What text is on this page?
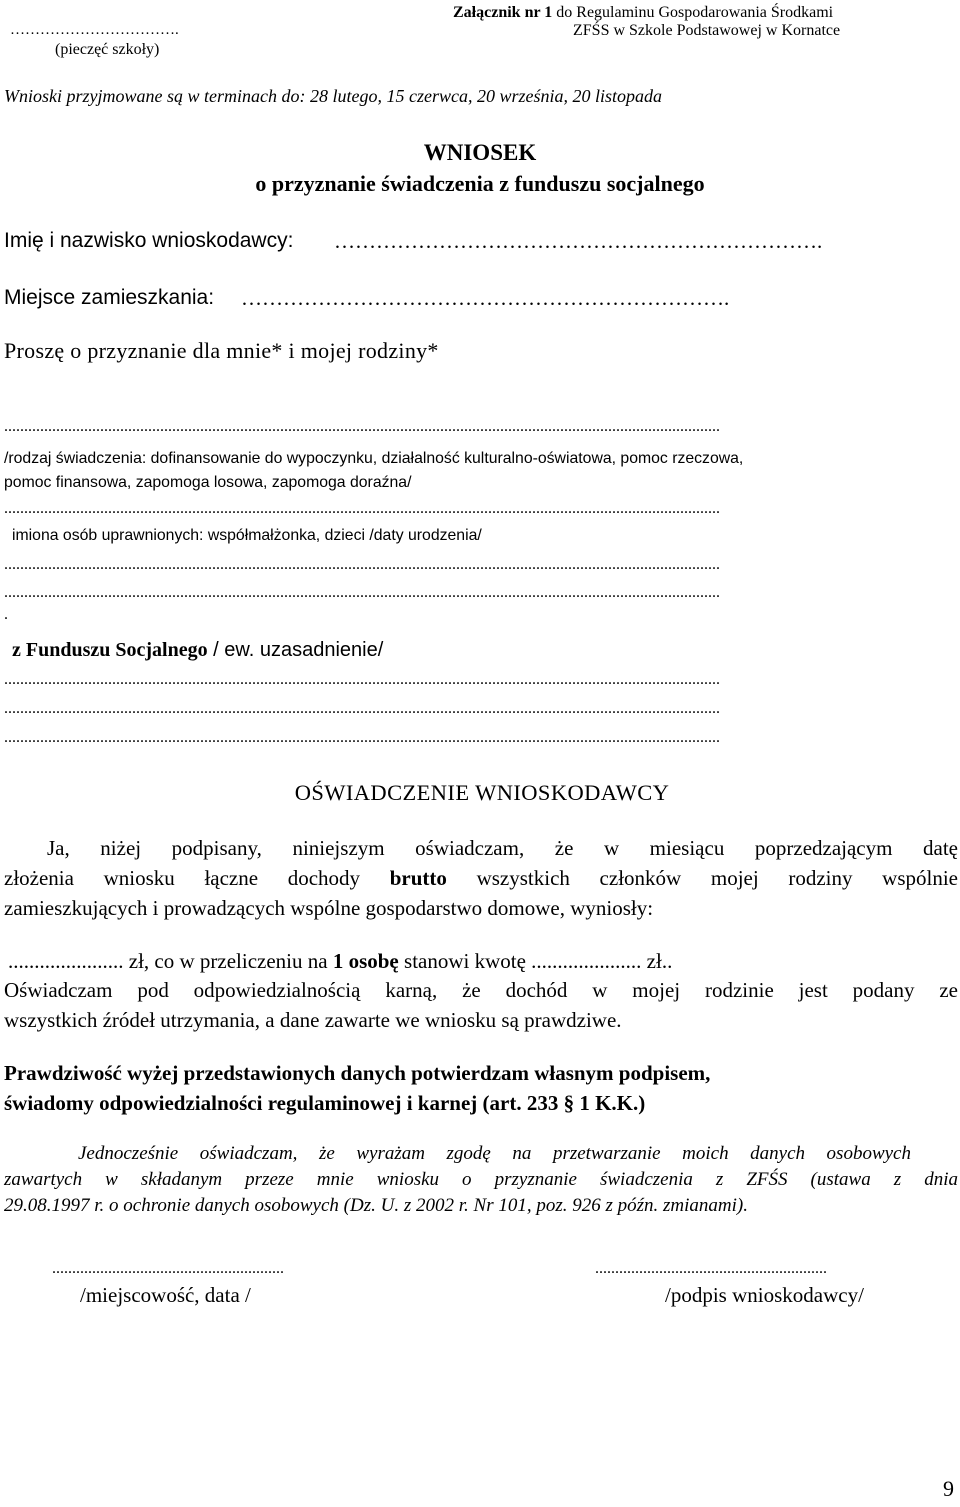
…………………………….
(pieczęć szkoły)
Załącznik nr 1 do Regulaminu Gospodarowania Środkami
ZFŚS w Szkole Podstawowej w Kornatce
Wnioski przyjmowane są w terminach do: 28 lutego, 15 czerwca, 20 września, 20 listopada
WNIOSEK
o przyznanie świadczenia z funduszu socjalnego
Imię i nazwisko wnioskodawcy: …………………………………………………………….
Miejsce zamieszkania: …………………………………………………………….
Proszę o przyznanie dla mnie* i mojej rodziny*
...................................................................................................................................................................................
/rodzaj świadczenia: dofinansowanie do wypoczynku, działalność kulturalno-oświatowa, pomoc rzeczowa,
pomoc finansowa, zapomoga losowa, zapomoga doraźna/
...................................................................................................................................................................................
imiona osób uprawnionych: współmałżonka, dzieci /daty urodzenia/
...................................................................................................................................................................................
...................................................................................................................................................................................
.
z Funduszu Socjalnego / ew. uzasadnienie/
...................................................................................................................................................................................
...................................................................................................................................................................................
...................................................................................................................................................................................
OŚWIADCZENIE WNIOSKODAWCY
Ja, niżej podpisany, niniejszym oświadczam, że w miesiącu poprzedzającym datę
złożenia wniosku łączne dochody brutto wszystkich członków mojej rodziny wspólnie
zamieszkujących i prowadzących wspólne gospodarstwo domowe, wyniosły:
...................... zł, co w przeliczeniu na 1 osobę stanowi kwotę ..................... zł..
Oświadczam pod odpowiedzialnością karną, że dochód w mojej rodzinie jest podany ze
wszystkich źródeł utrzymania, a dane zawarte we wniosku są prawdziwe.
Prawdziwość wyżej przedstawionych danych potwierdzam własnym podpisem,
świadomy odpowiedzialności regulaminowej i karnej (art. 233 § 1 K.K.)
Jednocześnie oświadczam, że wyrażam zgodę na przetwarzanie moich danych osobowych
zawartych w składanym przeze mnie wniosku o przyznanie świadczenia z ZFŚS (ustawa z dnia
29.08.1997 r. o ochronie danych osobowych (Dz. U. z 2002 r. Nr 101, poz. 926 z późn. zmianami).
..........................................................
/miejscowość, data /
..........................................................
/podpis wnioskodawcy/
9
